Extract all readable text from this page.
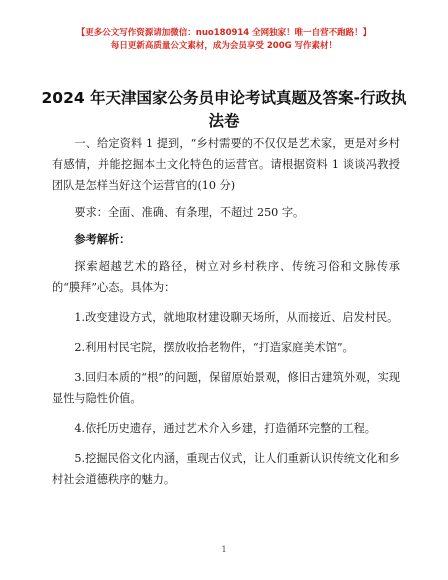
【更多公文写作资源请加微信：nuo180914 全网独家！唯一自营不跑路！】
每日更新高质量公文素材，成为会员享受 200G 写作素材！
2024 年天津国家公务员申论考试真题及答案-行政执法卷

一、给定资料 1 提到，“乡村需要的不仅仅是艺术家，更是对乡村有感情，并能挖掘本土文化特色的运营官。请根据资料 1 谈谈冯教授团队是怎样当好这个运营官的(10 分)

要求：全面、准确、有条理，不超过 250 字。

参考解析：

探索超越艺术的路径，树立对乡村秩序、传统习俗和文脉传承的“膜拜”心态。具体为：

1.改变建设方式，就地取材建设聊天场所，从而接近、启发村民。

2.利用村民宅院，摆放收拾老物件，“打造家庭美术馆”。

3.回归本质的“根”的问题，保留原始景观，修旧古建筑外观，实现显性与隐性价值。

4.依托历史遗存，通过艺术介入乡建，打造循环完整的工程。

5.挖掘民俗文化内涵，重现古仪式，让人们重新认识传统文化和乡村社会道德秩序的魅力。

1
